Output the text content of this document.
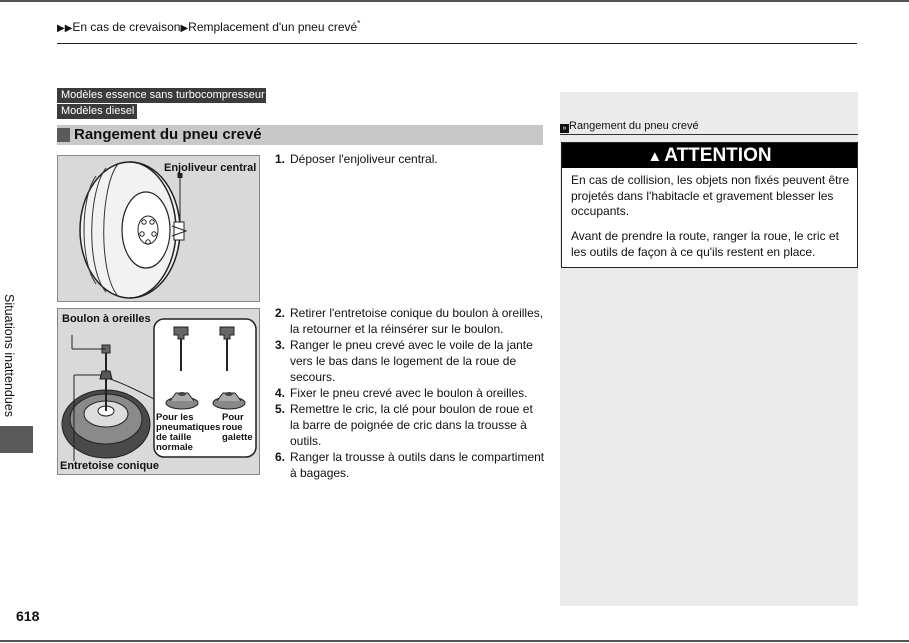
▶▶En cas de crevaison▶Remplacement d'un pneu crevé*
Modèles essence sans turbocompresseur
Modèles diesel
Rangement du pneu crevé
Enjoliveur central
Boulon à oreilles
Entretoise conique
Pour les pneumatiques de taille normale
Pour roue galette
1. Déposer l'enjoliveur central.
2. Retirer l'entretoise conique du boulon à oreilles, la retourner et la réinsérer sur le boulon.
3. Ranger le pneu crevé avec le voile de la jante vers le bas dans le logement de la roue de secours.
4. Fixer le pneu crevé avec le boulon à oreilles.
5. Remettre le cric, la clé pour boulon de roue et la barre de poignée de cric dans la trousse à outils.
6. Ranger la trousse à outils dans le compartiment à bagages.
» Rangement du pneu crevé
▲ ATTENTION
En cas de collision, les objets non fixés peuvent être projetés dans l'habitacle et gravement blesser les occupants.
Avant de prendre la route, ranger la roue, le cric et les outils de façon à ce qu'ils restent en place.
Situations inattendues
618
